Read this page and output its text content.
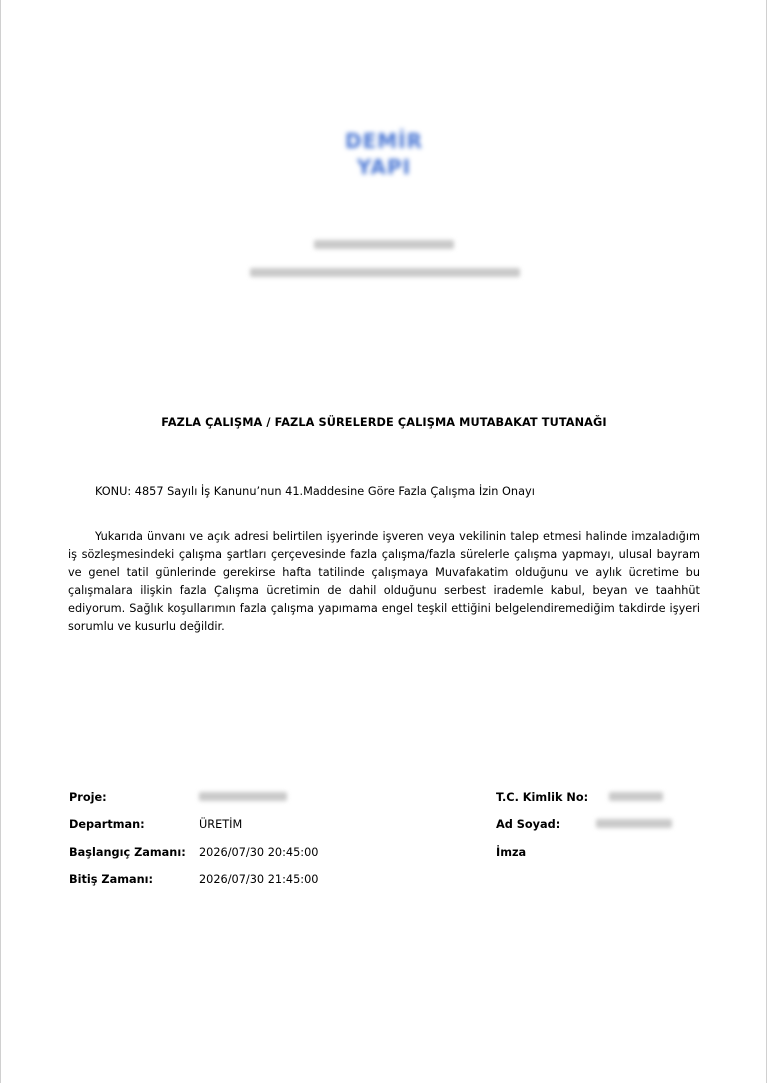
DEMİR YAPI
FAZLA ÇALIŞMA / FAZLA SÜRELERDE ÇALIŞMA MUTABAKAT TUTANAĞI
KONU: 4857 Sayılı İş Kanunu’nun 41.Maddesine Göre Fazla Çalışma İzin Onayı
Yukarıda ünvanı ve açık adresi belirtilen işyerinde işveren veya vekilinin talep etmesi halinde imzaladığım iş sözleşmesindeki çalışma şartları çerçevesinde fazla çalışma/fazla sürelerle çalışma yapmayı, ulusal bayram ve genel tatil günlerinde gerekirse hafta tatilinde çalışmaya Muvafakatim olduğunu ve aylık ücretime bu çalışmalara ilişkin fazla Çalışma ücretimin de dahil olduğunu serbest irademle kabul, beyan ve taahhüt ediyorum. Sağlık koşullarımın fazla çalışma yapımama engel teşkil ettiğini belgelendiremediğim takdirde işyeri sorumlu ve kusurlu değildir.
Proje:
Departman:	ÜRETİM
Başlangıç Zamanı: 2026/07/30 20:45:00
Bitiş Zamanı:	2026/07/30 21:45:00
T.C. Kimlik No:
Ad Soyad:
İmza
